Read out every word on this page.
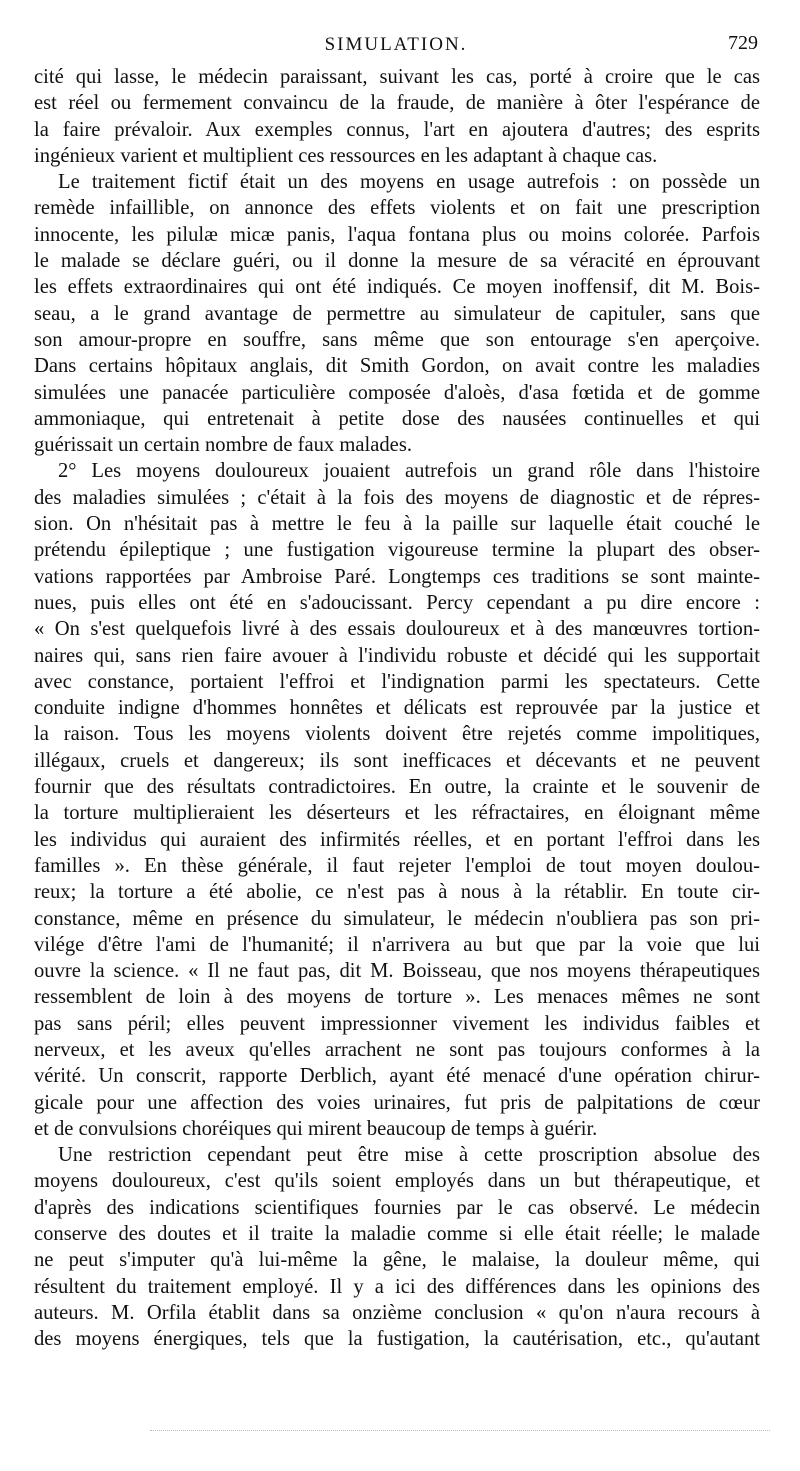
SIMULATION.	729
cité qui lasse, le médecin paraissant, suivant les cas, porté à croire que le cas
est réel ou fermement convaincu de la fraude, de manière à ôter l'espérance de
la faire prévaloir. Aux exemples connus, l'art en ajoutera d'autres; des esprits
ingénieux varient et multiplient ces ressources en les adaptant à chaque cas.
Le traitement fictif était un des moyens en usage autrefois : on possède un
remède infaillible, on annonce des effets violents et on fait une prescription
innocente, les pilulæ micæ panis, l'aqua fontana plus ou moins colorée. Parfois
le malade se déclare guéri, ou il donne la mesure de sa véracité en éprouvant
les effets extraordinaires qui ont été indiqués. Ce moyen inoffensif, dit M. Bois-
seau, a le grand avantage de permettre au simulateur de capituler, sans que
son amour-propre en souffre, sans même que son entourage s'en aperçoive.
Dans certains hôpitaux anglais, dit Smith Gordon, on avait contre les maladies
simulées une panacée particulière composée d'aloès, d'asa fœtida et de gomme
ammoniaque, qui entretenait à petite dose des nausées continuelles et qui
guérissait un certain nombre de faux malades.
2° Les moyens douloureux jouaient autrefois un grand rôle dans l'histoire
des maladies simulées ; c'était à la fois des moyens de diagnostic et de répres-
sion. On n'hésitait pas à mettre le feu à la paille sur laquelle était couché le
prétendu épileptique ; une fustigation vigoureuse termine la plupart des obser-
vations rapportées par Ambroise Paré. Longtemps ces traditions se sont mainte-
nues, puis elles ont été en s'adoucissant. Percy cependant a pu dire encore :
« On s'est quelquefois livré à des essais douloureux et à des manœuvres tortion-
naires qui, sans rien faire avouer à l'individu robuste et décidé qui les supportait
avec constance, portaient l'effroi et l'indignation parmi les spectateurs. Cette
conduite indigne d'hommes honnêtes et délicats est reprouvée par la justice et
la raison. Tous les moyens violents doivent être rejetés comme impolitiques,
illégaux, cruels et dangereux; ils sont inefficaces et décevants et ne peuvent
fournir que des résultats contradictoires. En outre, la crainte et le souvenir de
la torture multiplieraient les déserteurs et les réfractaires, en éloignant même
les individus qui auraient des infirmités réelles, et en portant l'effroi dans les
familles ». En thèse générale, il faut rejeter l'emploi de tout moyen doulou-
reux; la torture a été abolie, ce n'est pas à nous à la rétablir. En toute cir-
constance, même en présence du simulateur, le médecin n'oubliera pas son pri-
vilége d'être l'ami de l'humanité; il n'arrivera au but que par la voie que lui
ouvre la science. « Il ne faut pas, dit M. Boisseau, que nos moyens thérapeutiques
ressemblent de loin à des moyens de torture ». Les menaces mêmes ne sont
pas sans péril; elles peuvent impressionner vivement les individus faibles et
nerveux, et les aveux qu'elles arrachent ne sont pas toujours conformes à la
vérité. Un conscrit, rapporte Derblich, ayant été menacé d'une opération chirur-
gicale pour une affection des voies urinaires, fut pris de palpitations de cœur
et de convulsions choréiques qui mirent beaucoup de temps à guérir.
Une restriction cependant peut être mise à cette proscription absolue des
moyens douloureux, c'est qu'ils soient employés dans un but thérapeutique, et
d'après des indications scientifiques fournies par le cas observé. Le médecin
conserve des doutes et il traite la maladie comme si elle était réelle; le malade
ne peut s'imputer qu'à lui-même la gêne, le malaise, la douleur même, qui
résultent du traitement employé. Il y a ici des différences dans les opinions des
auteurs. M. Orfila établit dans sa onzième conclusion « qu'on n'aura recours à
des moyens énergiques, tels que la fustigation, la cautérisation, etc., qu'autant
